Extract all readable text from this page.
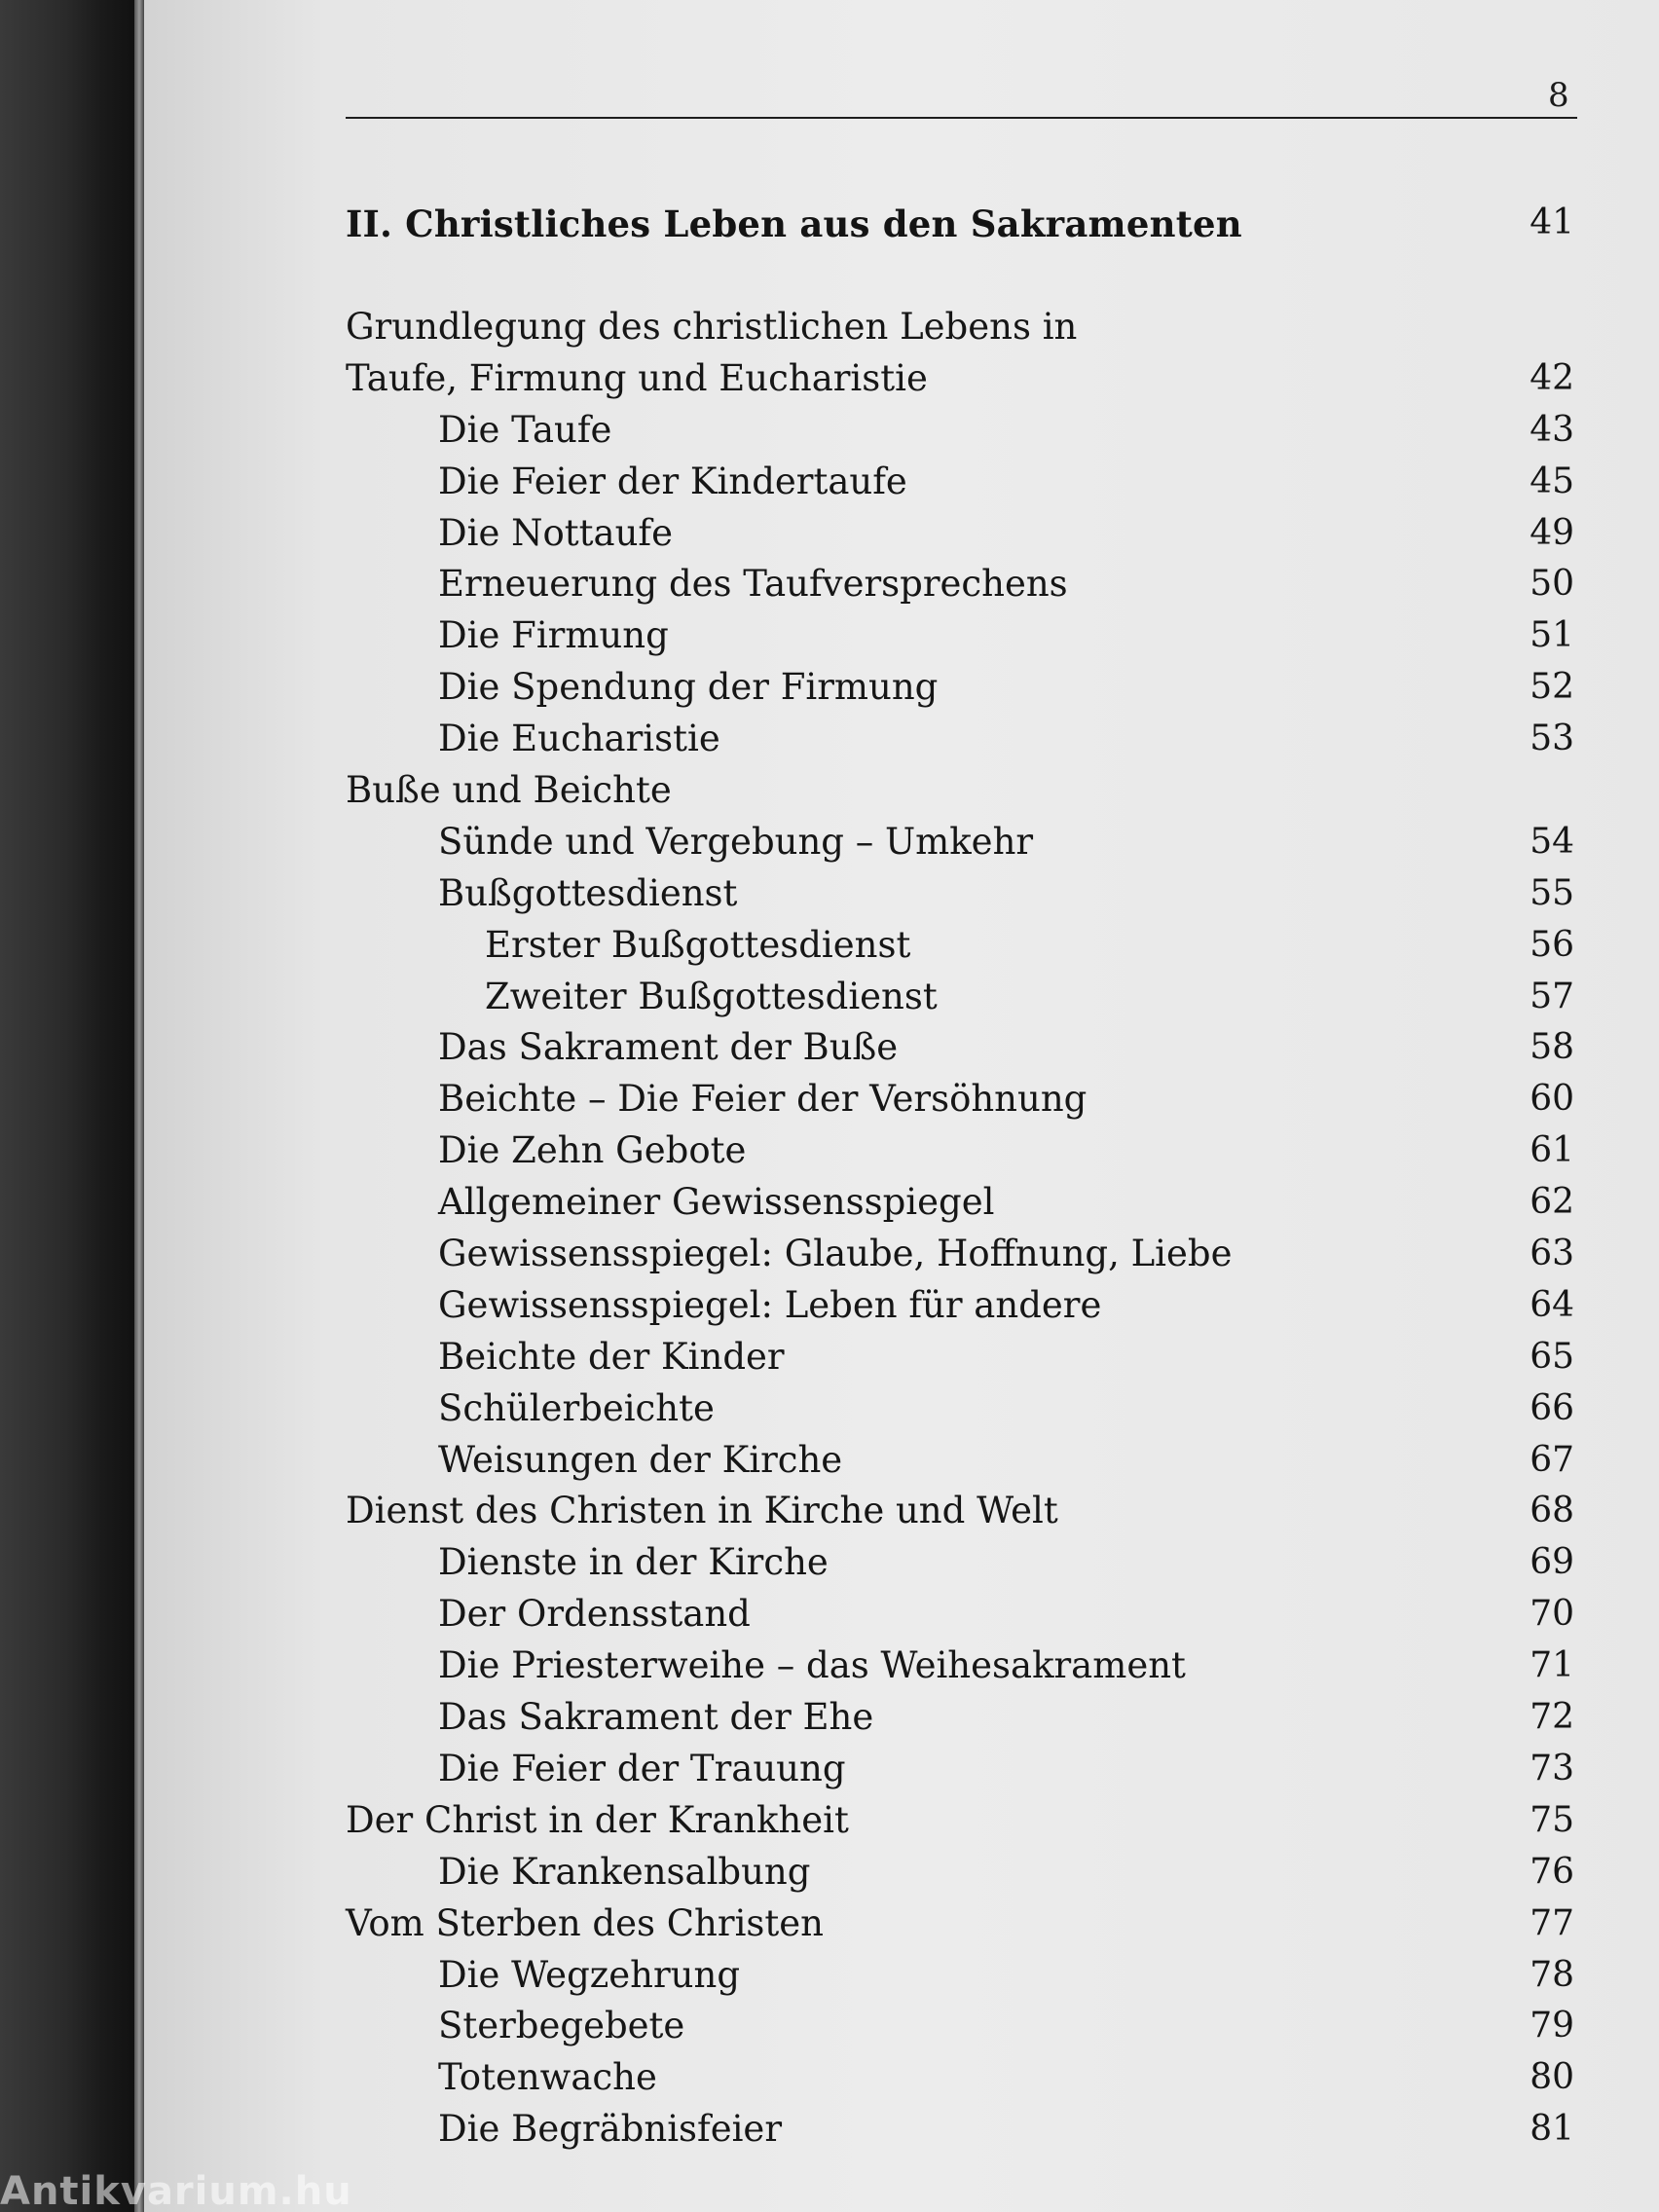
8
II. Christliches Leben aus den Sakramenten	41
Grundlegung des christlichen Lebens in
Taufe, Firmung und Eucharistie	42
Die Taufe	43
Die Feier der Kindertaufe	45
Die Nottaufe	49
Erneuerung des Taufversprechens	50
Die Firmung	51
Die Spendung der Firmung	52
Die Eucharistie	53
Buße und Beichte
Sünde und Vergebung – Umkehr	54
Bußgottesdienst	55
Erster Bußgottesdienst	56
Zweiter Bußgottesdienst	57
Das Sakrament der Buße	58
Beichte – Die Feier der Versöhnung	60
Die Zehn Gebote	61
Allgemeiner Gewissensspiegel	62
Gewissensspiegel: Glaube, Hoffnung, Liebe	63
Gewissensspiegel: Leben für andere	64
Beichte der Kinder	65
Schülerbeichte	66
Weisungen der Kirche	67
Dienst des Christen in Kirche und Welt	68
Dienste in der Kirche	69
Der Ordensstand	70
Die Priesterweihe – das Weihesakrament	71
Das Sakrament der Ehe	72
Die Feier der Trauung	73
Der Christ in der Krankheit	75
Die Krankensalbung	76
Vom Sterben des Christen	77
Die Wegzehrung	78
Sterbegebete	79
Totenwache	80
Die Begräbnisfeier	81
Antikvarium.hu
